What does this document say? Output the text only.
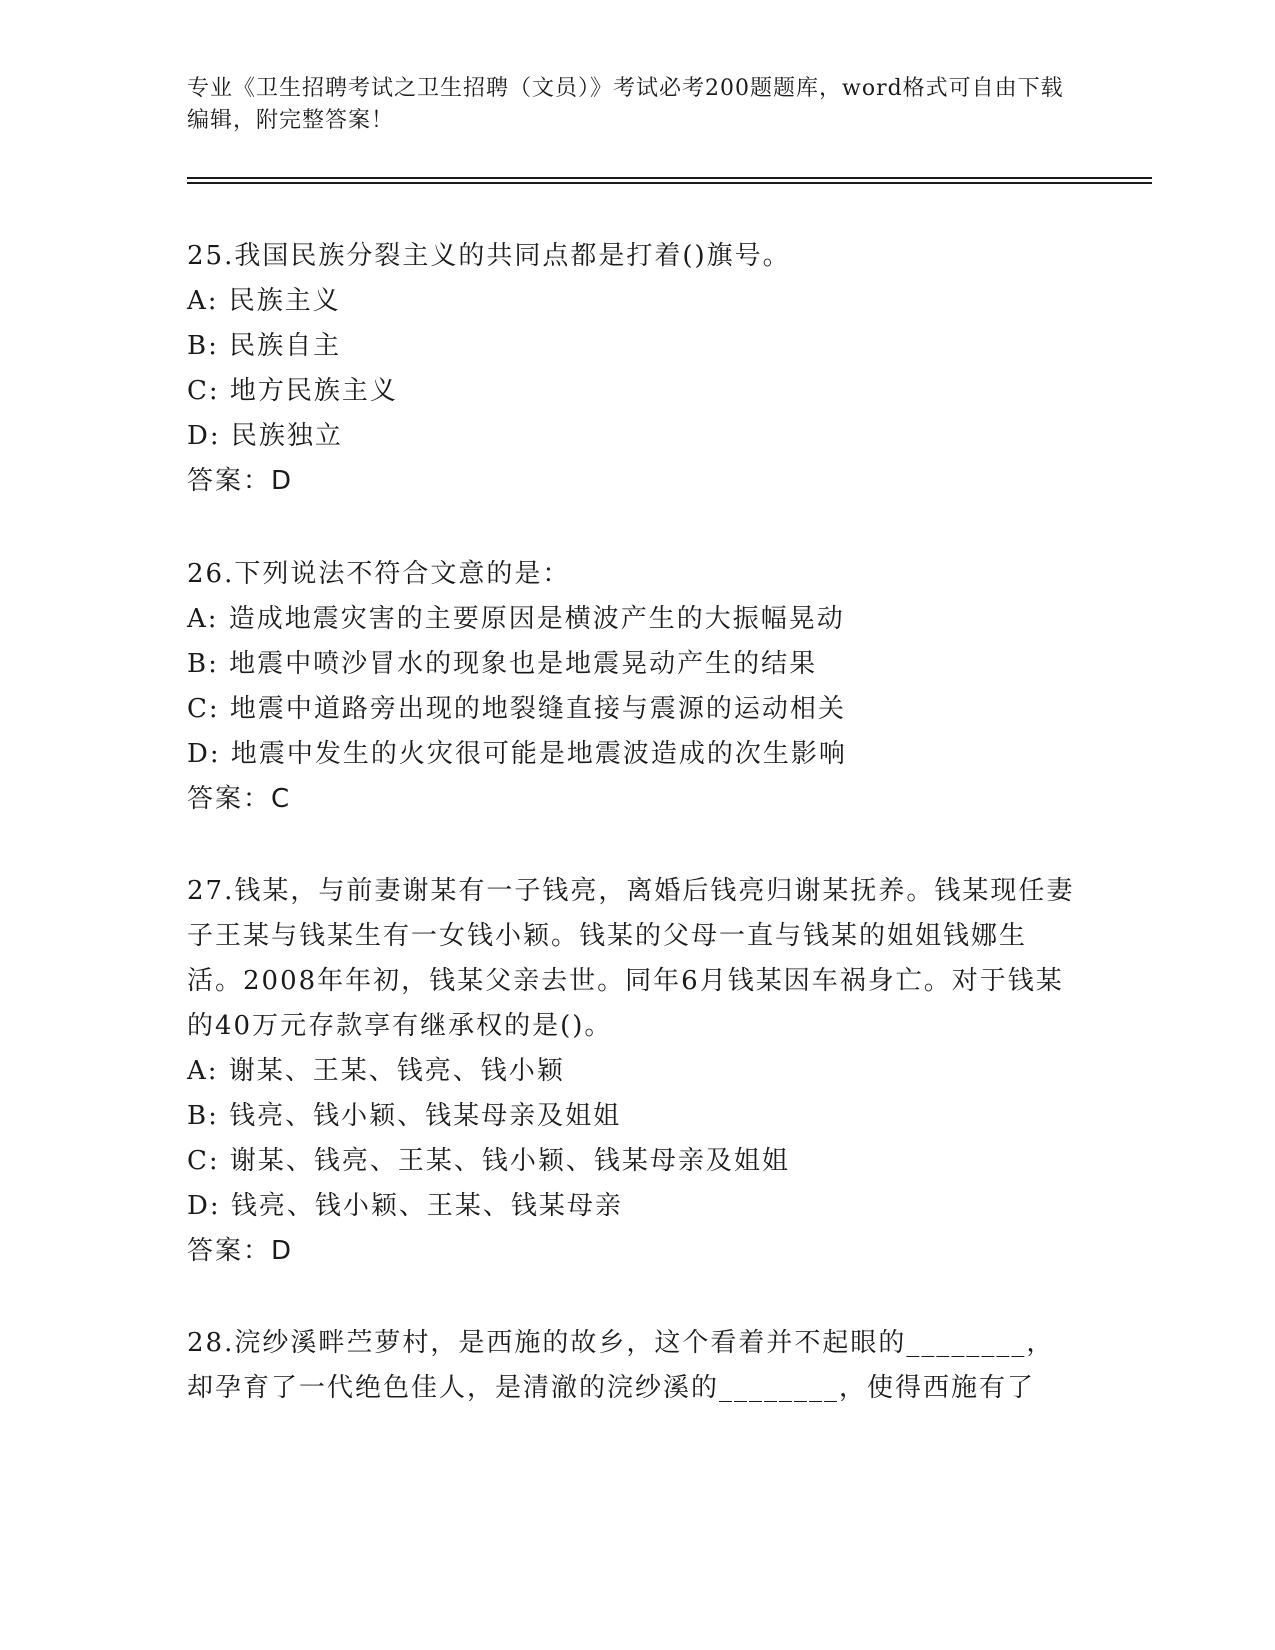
专业《卫生招聘考试之卫生招聘（文员）》考试必考200题题库，word格式可自由下载编辑，附完整答案！

25.我国民族分裂主义的共同点都是打着()旗号。

A: 民族主义

B: 民族自主

C: 地方民族主义

D: 民族独立

答案：D

26.下列说法不符合文意的是：

A: 造成地震灾害的主要原因是横波产生的大振幅晃动

B: 地震中喷沙冒水的现象也是地震晃动产生的结果

C: 地震中道路旁出现的地裂缝直接与震源的运动相关

D: 地震中发生的火灾很可能是地震波造成的次生影响

答案：C

27.钱某，与前妻谢某有一子钱亮，离婚后钱亮归谢某抚养。钱某现任妻子王某与钱某生有一女钱小颖。钱某的父母一直与钱某的姐姐钱娜生活。2008年年初，钱某父亲去世。同年6月钱某因车祸身亡。对于钱某的40万元存款享有继承权的是()。

A: 谢某、王某、钱亮、钱小颖

B: 钱亮、钱小颖、钱某母亲及姐姐

C: 谢某、钱亮、王某、钱小颖、钱某母亲及姐姐

D: 钱亮、钱小颖、王某、钱某母亲

答案：D

28.浣纱溪畔苎萝村，是西施的故乡，这个看着并不起眼的________，却孕育了一代绝色佳人，是清澈的浣纱溪的________，使得西施有了
